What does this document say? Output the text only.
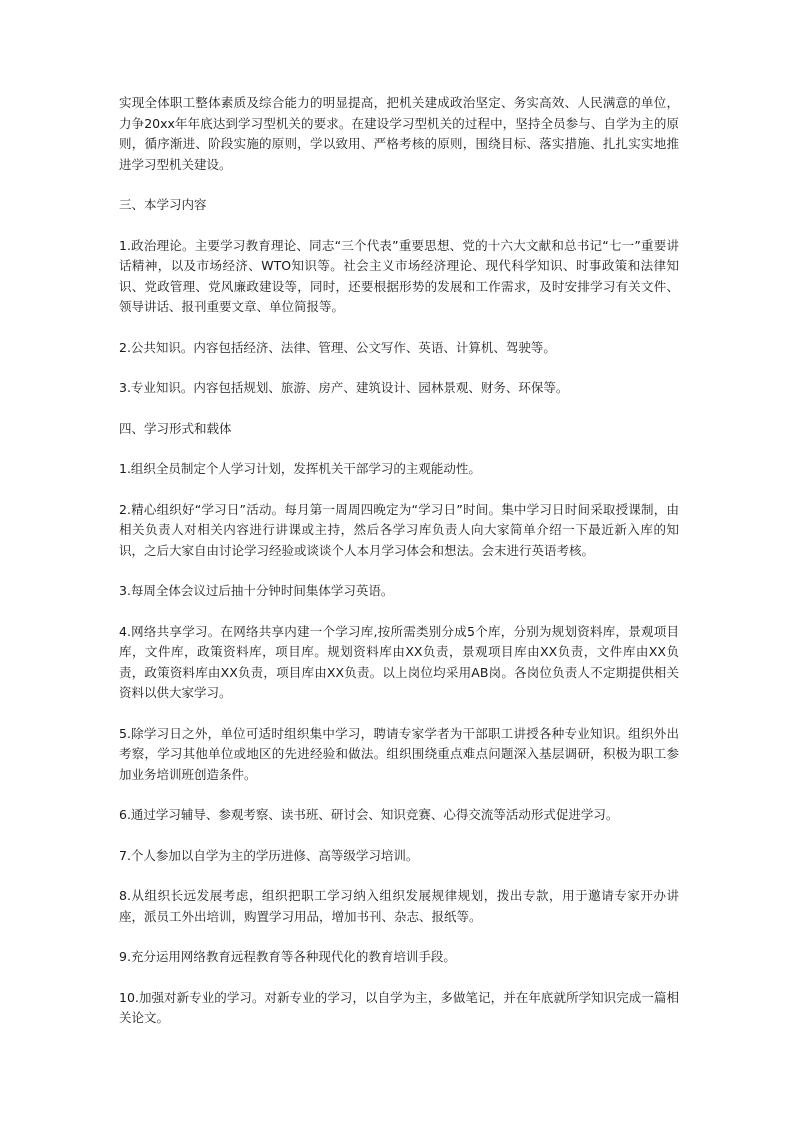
实现全体职工整体素质及综合能力的明显提高，把机关建成政治坚定、务实高效、人民满意的单位，力争20xx年年底达到学习型机关的要求。在建设学习型机关的过程中，坚持全员参与、自学为主的原则，循序渐进、阶段实施的原则，学以致用、严格考核的原则，围绕目标、落实措施、扎扎实实地推进学习型机关建设。

三、本学习内容

1.政治理论。主要学习教育理论、同志“三个代表”重要思想、党的十六大文献和总书记“七一”重要讲话精神，以及市场经济、WTO知识等。社会主义市场经济理论、现代科学知识、时事政策和法律知识、党政管理、党风廉政建设等，同时，还要根据形势的发展和工作需求，及时安排学习有关文件、领导讲话、报刊重要文章、单位简报等。

2.公共知识。内容包括经济、法律、管理、公文写作、英语、计算机、驾驶等。

3.专业知识。内容包括规划、旅游、房产、建筑设计、园林景观、财务、环保等。

四、学习形式和载体

1.组织全员制定个人学习计划，发挥机关干部学习的主观能动性。

2.精心组织好“学习日”活动。每月第一周周四晚定为“学习日”时间。集中学习日时间采取授课制，由相关负责人对相关内容进行讲课或主持，然后各学习库负责人向大家简单介绍一下最近新入库的知识，之后大家自由讨论学习经验或谈谈个人本月学习体会和想法。会末进行英语考核。

3.每周全体会议过后抽十分钟时间集体学习英语。

4.网络共享学习。在网络共享内建一个学习库,按所需类别分成5个库，分别为规划资料库，景观项目库，文件库，政策资料库，项目库。规划资料库由XX负责，景观项目库由XX负责，文件库由XX负责，政策资料库由XX负责，项目库由XX负责。以上岗位均采用AB岗。各岗位负责人不定期提供相关资料以供大家学习。

5.除学习日之外，单位可适时组织集中学习，聘请专家学者为干部职工讲授各种专业知识。组织外出考察，学习其他单位或地区的先进经验和做法。组织围绕重点难点问题深入基层调研，积极为职工参加业务培训班创造条件。

6.通过学习辅导、参观考察、读书班、研讨会、知识竞赛、心得交流等活动形式促进学习。

7.个人参加以自学为主的学历进修、高等级学习培训。

8.从组织长远发展考虑，组织把职工学习纳入组织发展规律规划，拨出专款，用于邀请专家开办讲座，派员工外出培训，购置学习用品，增加书刊、杂志、报纸等。

9.充分运用网络教育远程教育等各种现代化的教育培训手段。

10.加强对新专业的学习。对新专业的学习，以自学为主，多做笔记，并在年底就所学知识完成一篇相关论文。
